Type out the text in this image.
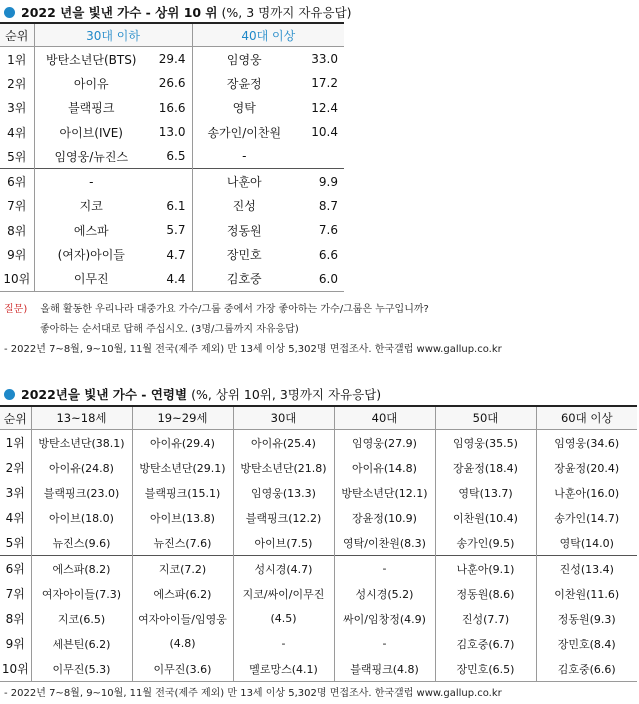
2022 년을 빛낸 가수 - 상위 10 위 (%, 3 명까지 자유응답)
순위	30대 이하		40대 이상	
1위	방탄소년단(BTS)	29.4	임영웅	33.0
2위	아이유	26.6	장윤정	17.2
3위	블랙핑크	16.6	영탁	12.4
4위	아이브(IVE)	13.0	송가인/이찬원	10.4
5위	임영웅/뉴진스	6.5	-	
6위	-		나훈아	9.9
7위	지코	6.1	진성	8.7
8위	에스파	5.7	정동원	7.6
9위	(여자)아이들	4.7	장민호	6.6
10위	이무진	4.4	김호중	6.0
질문) 올해 활동한 우리나라 대중가요 가수/그룹 중에서 가장 좋아하는 가수/그룹은 누구입니까?
좋아하는 순서대로 답해 주십시오. (3명/그룹까지 자유응답)
- 2022년 7~8월, 9~10월, 11월 전국(제주 제외) 만 13세 이상 5,302명 면접조사. 한국갤럽 www.gallup.co.kr
2022년을 빛낸 가수 - 연령별 (%, 상위 10위, 3명까지 자유응답)
순위	13~18세	19~29세	30대	40대	50대	60대 이상
1위	방탄소년단(38.1)	아이유(29.4)	아이유(25.4)	임영웅(27.9)	임영웅(35.5)	임영웅(34.6)
2위	아이유(24.8)	방탄소년단(29.1)	방탄소년단(21.8)	아이유(14.8)	장윤정(18.4)	장윤정(20.4)
3위	블랙핑크(23.0)	블랙핑크(15.1)	임영웅(13.3)	방탄소년단(12.1)	영탁(13.7)	나훈아(16.0)
4위	아이브(18.0)	아이브(13.8)	블랙핑크(12.2)	장윤정(10.9)	이찬원(10.4)	송가인(14.7)
5위	뉴진스(9.6)	뉴진스(7.6)	아이브(7.5)	영탁/이찬원(8.3)	송가인(9.5)	영탁(14.0)
6위	에스파(8.2)	지코(7.2)	성시경(4.7)	-	나훈아(9.1)	진성(13.4)
7위	여자아이들(7.3)	에스파(6.2)	지코/싸이/이무진	성시경(5.2)	정동원(8.6)	이찬원(11.6)
8위	지코(6.5)	여자아이들/임영웅	(4.5)	싸이/임창정(4.9)	진성(7.7)	정동원(9.3)
9위	세븐틴(6.2)	(4.8)	-	-	김호중(6.7)	장민호(8.4)
10위	이무진(5.3)	이무진(3.6)	멜로망스(4.1)	블랙핑크(4.8)	장민호(6.5)	김호중(6.6)
- 2022년 7~8월, 9~10월, 11월 전국(제주 제외) 만 13세 이상 5,302명 면접조사. 한국갤럽 www.gallup.co.kr
